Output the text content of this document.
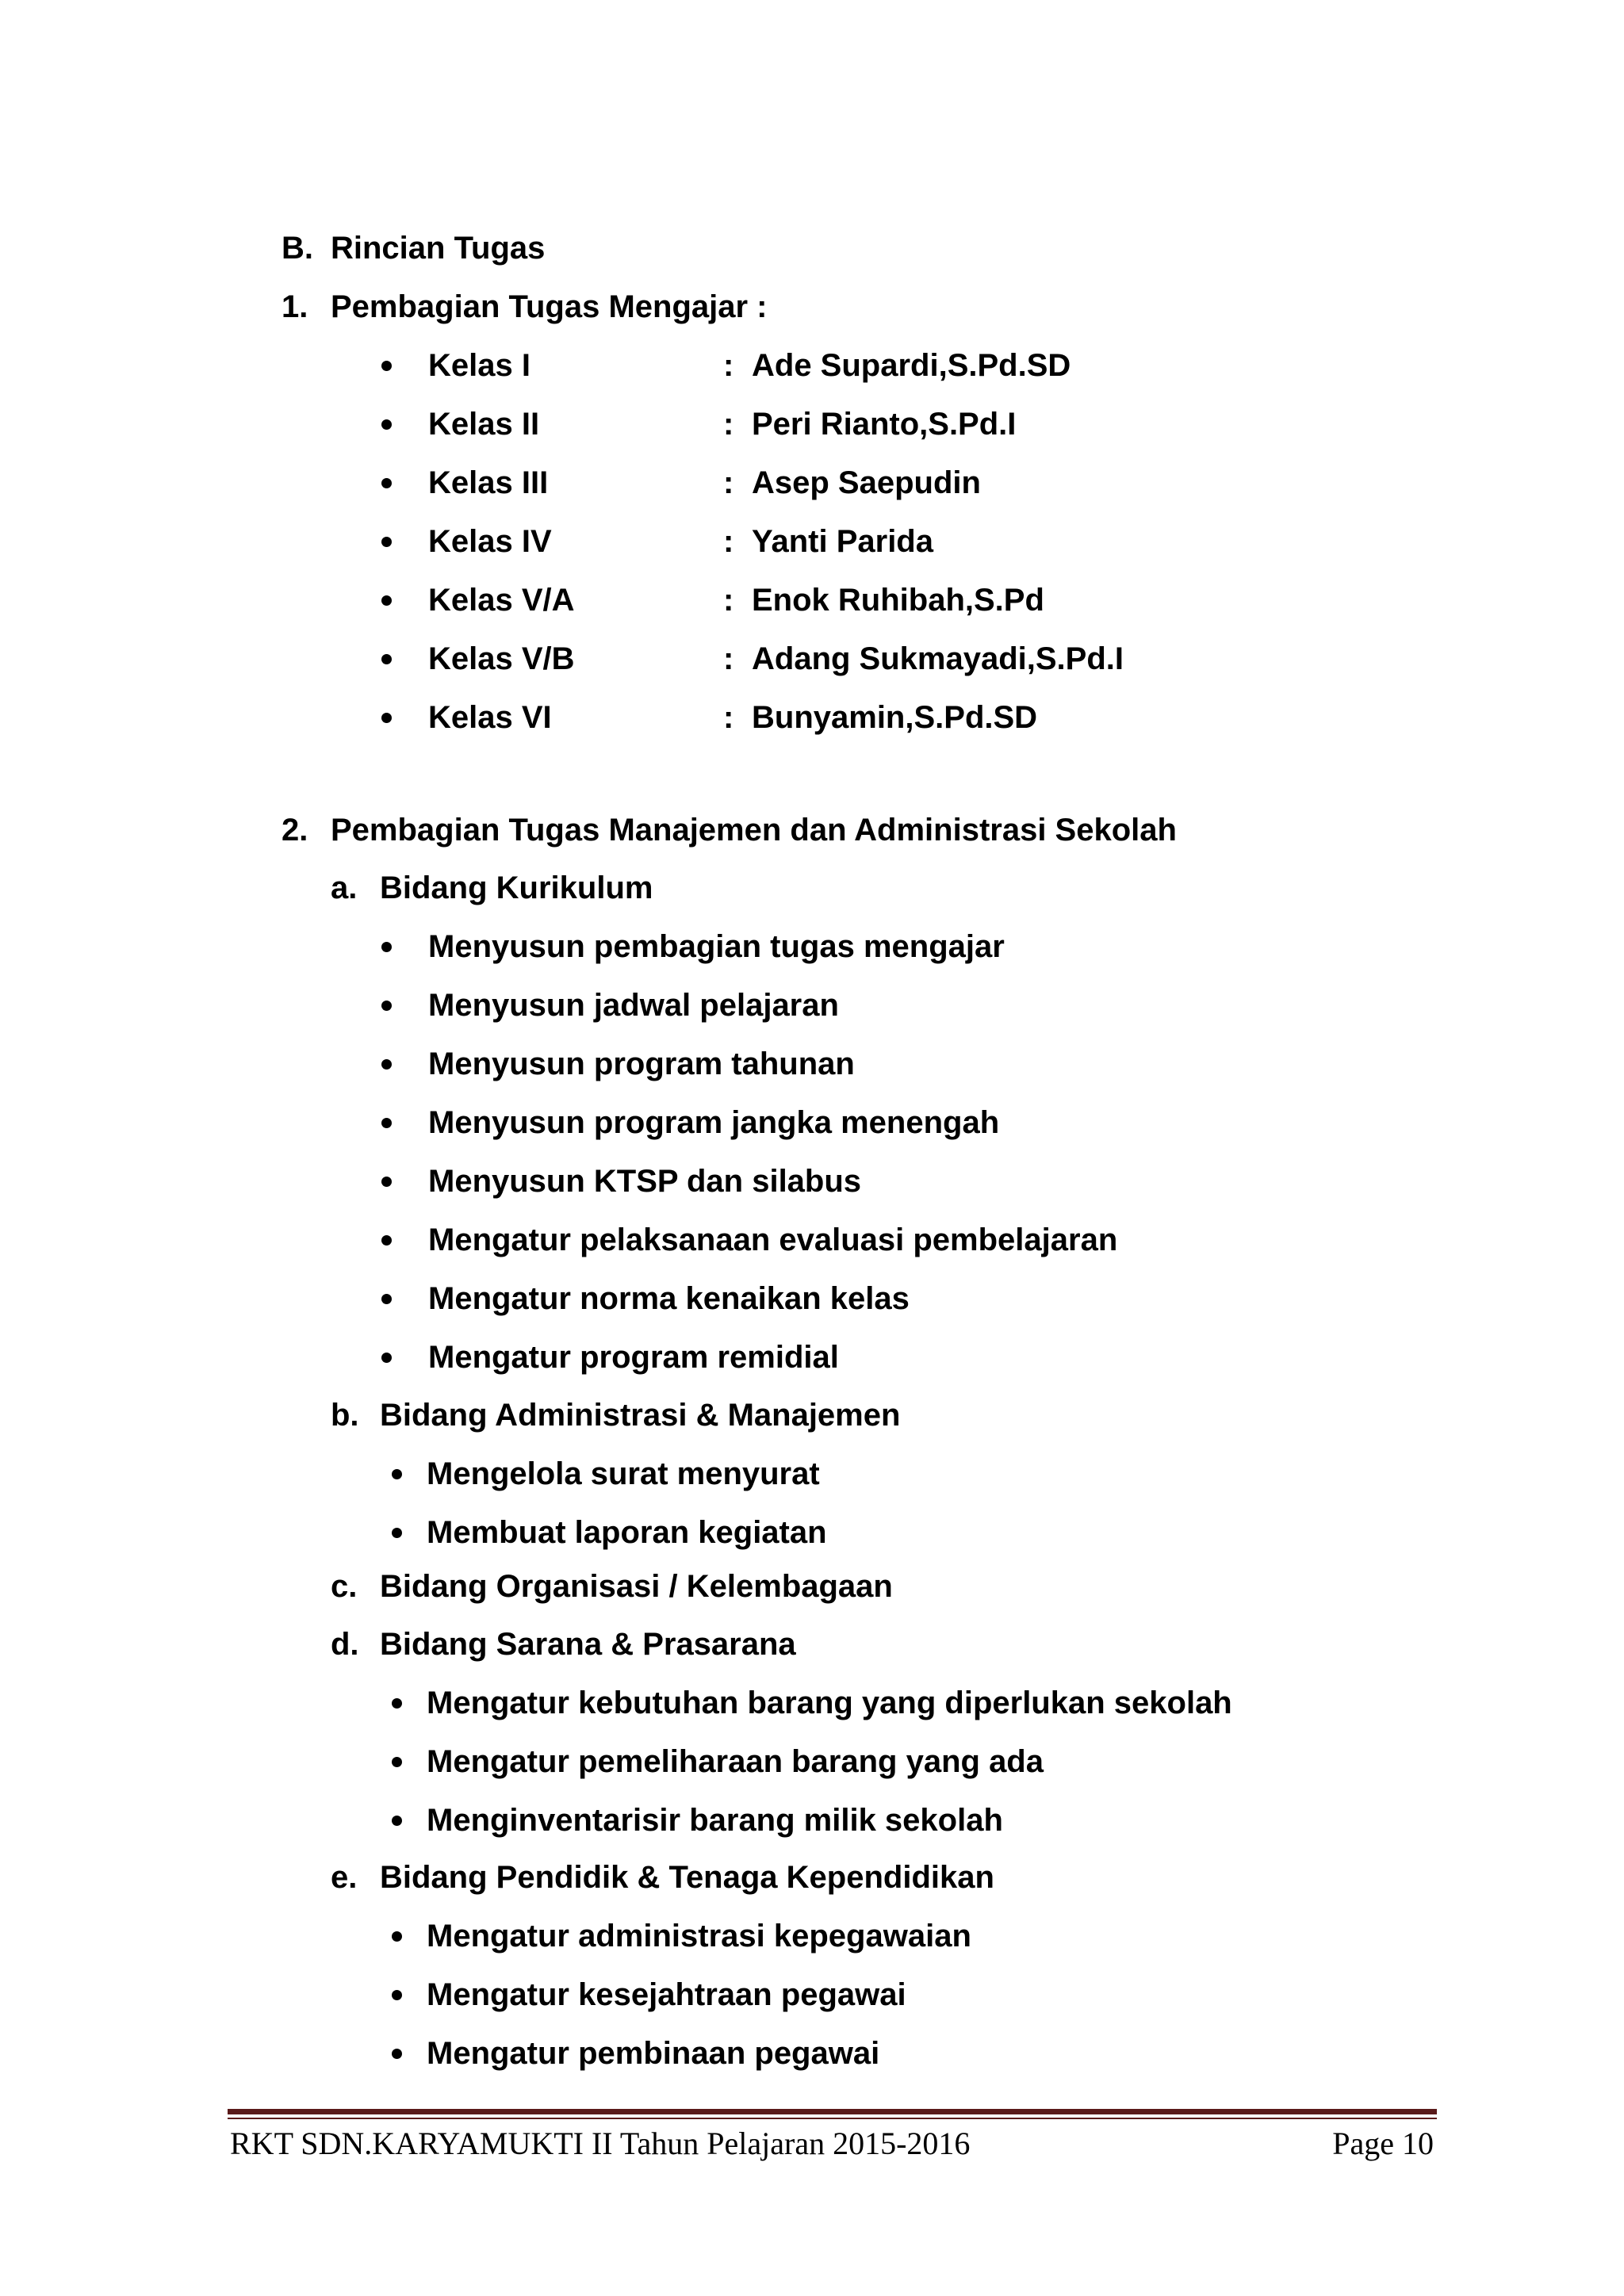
B. Rincian Tugas
1. Pembagian Tugas Mengajar :
Kelas I	: Ade Supardi,S.Pd.SD
Kelas II	: Peri Rianto,S.Pd.I
Kelas III	: Asep Saepudin
Kelas IV	: Yanti Parida
Kelas V/A	: Enok Ruhibah,S.Pd
Kelas V/B	: Adang Sukmayadi,S.Pd.I
Kelas VI	: Bunyamin,S.Pd.SD
2. Pembagian Tugas Manajemen dan Administrasi Sekolah
a. Bidang Kurikulum
Menyusun pembagian tugas mengajar
Menyusun jadwal pelajaran
Menyusun program tahunan
Menyusun program jangka menengah
Menyusun KTSP dan silabus
Mengatur pelaksanaan evaluasi pembelajaran
Mengatur norma kenaikan kelas
Mengatur program remidial
b. Bidang Administrasi & Manajemen
Mengelola surat menyurat
Membuat laporan kegiatan
c. Bidang Organisasi / Kelembagaan
d. Bidang Sarana & Prasarana
Mengatur kebutuhan barang yang diperlukan sekolah
Mengatur pemeliharaan barang yang ada
Menginventarisir barang milik sekolah
e. Bidang Pendidik & Tenaga Kependidikan
Mengatur administrasi kepegawaian
Mengatur kesejahtraan pegawai
Mengatur pembinaan pegawai
RKT SDN.KARYAMUKTI II Tahun Pelajaran 2015-2016	Page 10
